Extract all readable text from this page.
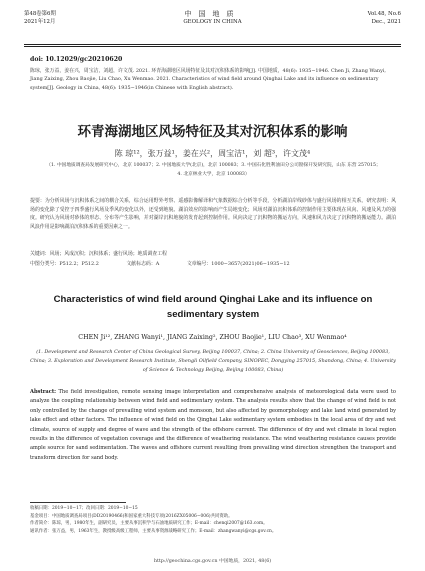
第48卷第6期
2021年12月
中国地质
GEOLOGY IN CHINA
Vol.48, No.6
Dec., 2021
doi: 10.12029/gc20210620
陈琼，张万益，姜在兴，周宝洁，刘超，许文茂. 2021. 环青海湖地区风场特征及其对沉积体系的影响[J]. 中国地质，48(6): 1935−1946. Chen Ji, Zhang Wanyi, Jiang Zaixing, Zhou Baojie, Liu Chao, Xu Wenmao. 2021. Characteristics of wind field around Qinghai Lake and its influence on sedimentary system[J]. Geology in China, 48(6): 1935−1946(in Chinese with English abstract).
环青海湖地区风场特征及其对沉积体系的影响
陈 琼¹²，张万益¹，姜在兴²，周宝洁¹，刘 超³，许文茂⁴
（1. 中国地质调查局发展研究中心，北京 100037；2. 中国地质大学(北京)，北京 100083；3. 中国石化胜利油田分公司勘探开发研究院，山东 东营 257015；4. 北京林业大学，北京 100083）
提要：为分析风场与沉积体系之间的耦合关系，综合运用野外考察、遥感影像解译和气象数据综合分析等手段，分析湖泊岸线砂体与盛行风场的相互关系。研究表明：风场的变化除了受控于四季盛行风场及季风的变化以外，还受到地貌、湖泊效应的影响而产生局地变化；风场对湖泊沉积体系的控制作用主要体现在风向、风速及风力的强度。研究认为风场对砂体的形态、分布等产生影响，并对湖岸沉积地貌的发育起到控制作用。风向决定了沉积物的搬运方向，风速和风力决定了沉积物的搬运能力。湖泊风浪作用是影响湖泊沉积体系的重要因素之一。
关键词：风场；风成沉积；沉积体系；盛行风场；地质调查工程
中图分类号：P512.2；P512.2	文献标志码：A	文章编号：1000−3657(2021)06−1935−12
Characteristics of wind field around Qinghai Lake and its influence on sedimentary system
CHEN Ji¹², ZHANG Wanyi¹, JIANG Zaixing², ZHOU Baojie¹, LIU Chao³, XU Wenmao⁴
(1. Development and Research Center of China Geological Survey, Beijing 100037, China; 2. China University of Geosciences, Beijing 100083, China; 3. Exploration and Development Research Institute, Shengli Oilfield Company, SINOPEC, Dongying 257015, Shandong, China; 4. University of Science & Technology Beijing, Beijing 100083, China)
Abstract: The field investigation, remote sensing image interpretation and comprehensive analysis of meteorological data were used to analyze the coupling relationship between wind field and sedimentary system. The analysis results show that the change of wind field is not only controlled by the change of prevailing wind system and monsoon, but also affected by geomorphology and lake land wind generated by lake effect and other factors. The influence of wind field on the Qinghai Lake sedimentary system embodies in the local area of dry and wet climate, source of supply and degree of wave and the strength of the offshore current. The difference of dry and wet climate in local region results in the difference of vegetation coverage and the difference of weathering resistance. The wind weathering resistance causes provide ample source for sand sedimentation. The waves and offshore current resulting from prevailing wind direction strengthen the transport and transform direction for sand body.
收稿日期：2019−10−17；改回日期：2019−10−15
基金项目：中国地质调查局项目(DD20190466)和国家重大科技专项(2016ZX05006−006)共同资助。
作者简介：陈琼，男，1980年生，副研究员，主要从事沉积学与石油地质研究工作；E-mail：chenqi2007@163.com。
通讯作者：张万益，男，1963年生，教授级高级工程师，主要从事资源战略研究工作；E-mail：zhangwanyi@cgs.gov.cn。
http://geochina.cgs.gov.cn 中国地质，2021, 48(6)
